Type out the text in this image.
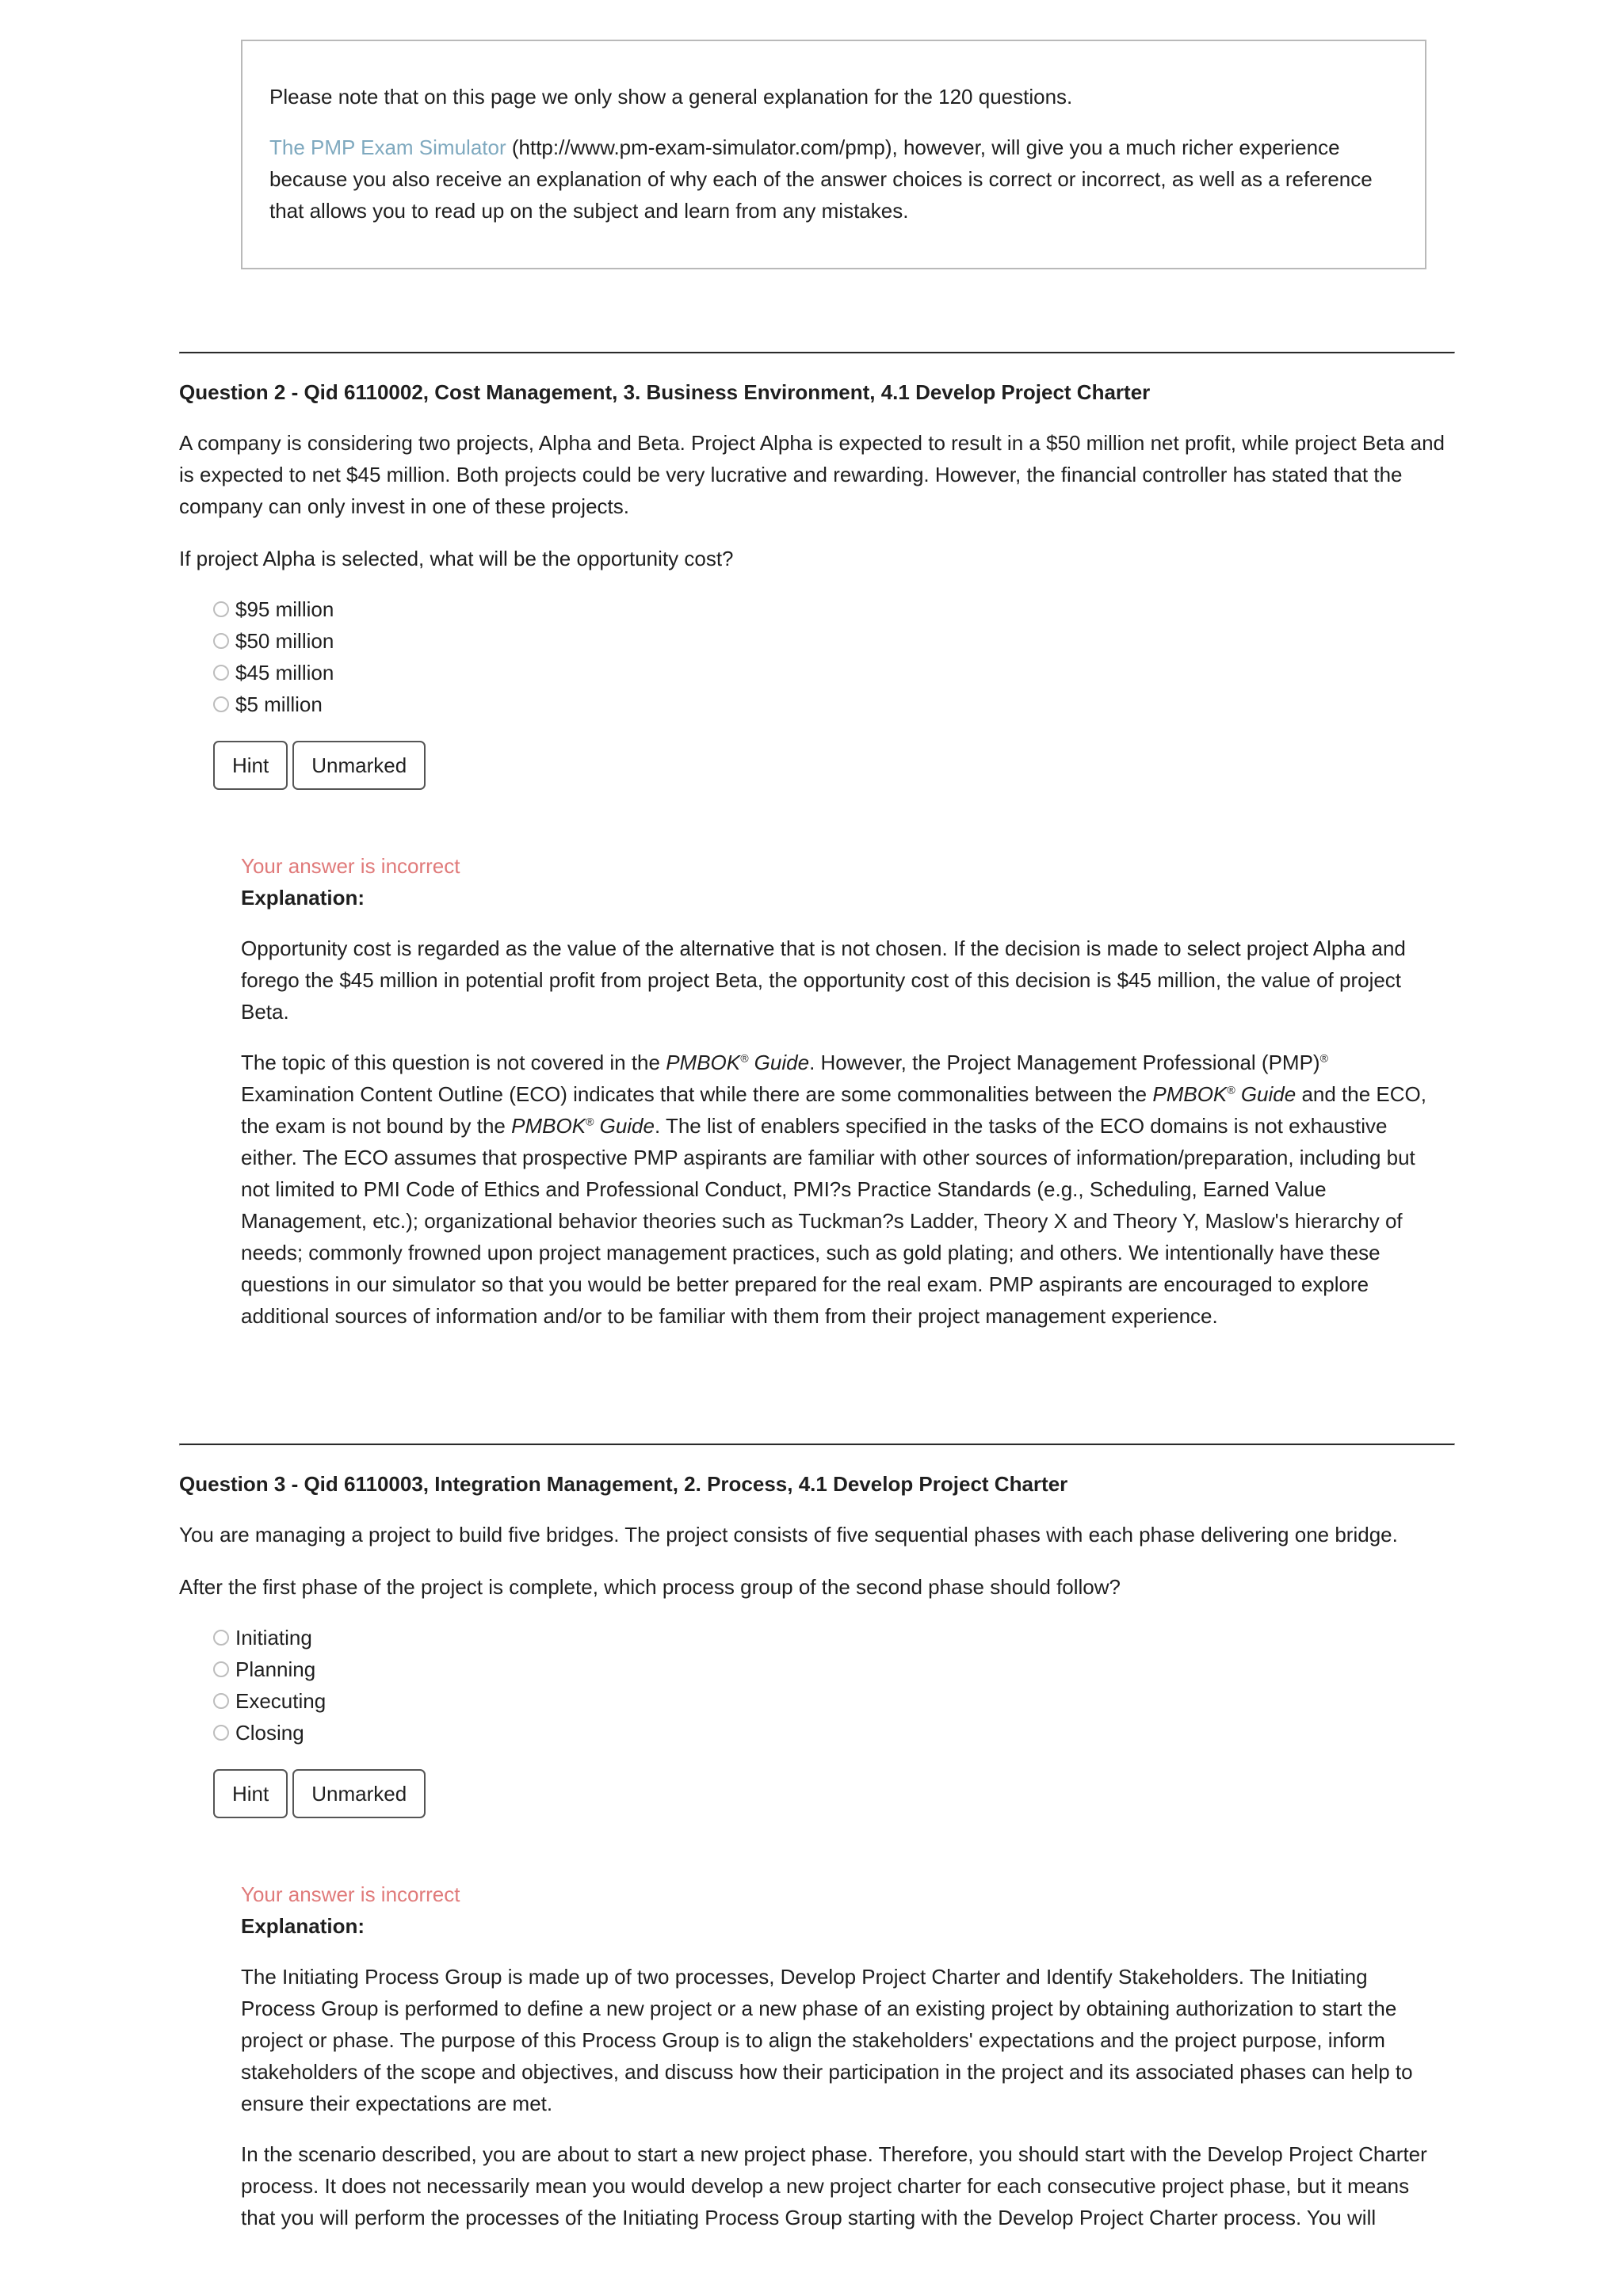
Please note that on this page we only show a general explanation for the 120 questions.

The PMP Exam Simulator (http://www.pm-exam-simulator.com/pmp), however, will give you a much richer experience because you also receive an explanation of why each of the answer choices is correct or incorrect, as well as a reference that allows you to read up on the subject and learn from any mistakes.

Question 2 - Qid 6110002, Cost Management, 3. Business Environment, 4.1 Develop Project Charter

A company is considering two projects, Alpha and Beta. Project Alpha is expected to result in a $50 million net profit, while project Beta and is expected to net $45 million. Both projects could be very lucrative and rewarding. However, the financial controller has stated that the company can only invest in one of these projects.

If project Alpha is selected, what will be the opportunity cost?

$95 million
$50 million
$45 million
$5 million
Hint	Unmarked
Your answer is incorrect
Explanation:

Opportunity cost is regarded as the value of the alternative that is not chosen. If the decision is made to select project Alpha and forego the $45 million in potential profit from project Beta, the opportunity cost of this decision is $45 million, the value of project Beta.

The topic of this question is not covered in the PMBOK® Guide. However, the Project Management Professional (PMP)® Examination Content Outline (ECO) indicates that while there are some commonalities between the PMBOK® Guide and the ECO, the exam is not bound by the PMBOK® Guide. The list of enablers specified in the tasks of the ECO domains is not exhaustive either. The ECO assumes that prospective PMP aspirants are familiar with other sources of information/preparation, including but not limited to PMI Code of Ethics and Professional Conduct, PMI?s Practice Standards (e.g., Scheduling, Earned Value Management, etc.); organizational behavior theories such as Tuckman?s Ladder, Theory X and Theory Y, Maslow's hierarchy of needs; commonly frowned upon project management practices, such as gold plating; and others. We intentionally have these questions in our simulator so that you would be better prepared for the real exam. PMP aspirants are encouraged to explore additional sources of information and/or to be familiar with them from their project management experience.

Question 3 - Qid 6110003, Integration Management, 2. Process, 4.1 Develop Project Charter

You are managing a project to build five bridges. The project consists of five sequential phases with each phase delivering one bridge.

After the first phase of the project is complete, which process group of the second phase should follow?

Initiating
Planning
Executing
Closing
Hint	Unmarked
Your answer is incorrect
Explanation:

The Initiating Process Group is made up of two processes, Develop Project Charter and Identify Stakeholders. The Initiating Process Group is performed to define a new project or a new phase of an existing project by obtaining authorization to start the project or phase. The purpose of this Process Group is to align the stakeholders' expectations and the project purpose, inform stakeholders of the scope and objectives, and discuss how their participation in the project and its associated phases can help to ensure their expectations are met.

In the scenario described, you are about to start a new project phase. Therefore, you should start with the Develop Project Charter process. It does not necessarily mean you would develop a new project charter for each consecutive project phase, but it means that you will perform the processes of the Initiating Process Group starting with the Develop Project Charter process. You will
